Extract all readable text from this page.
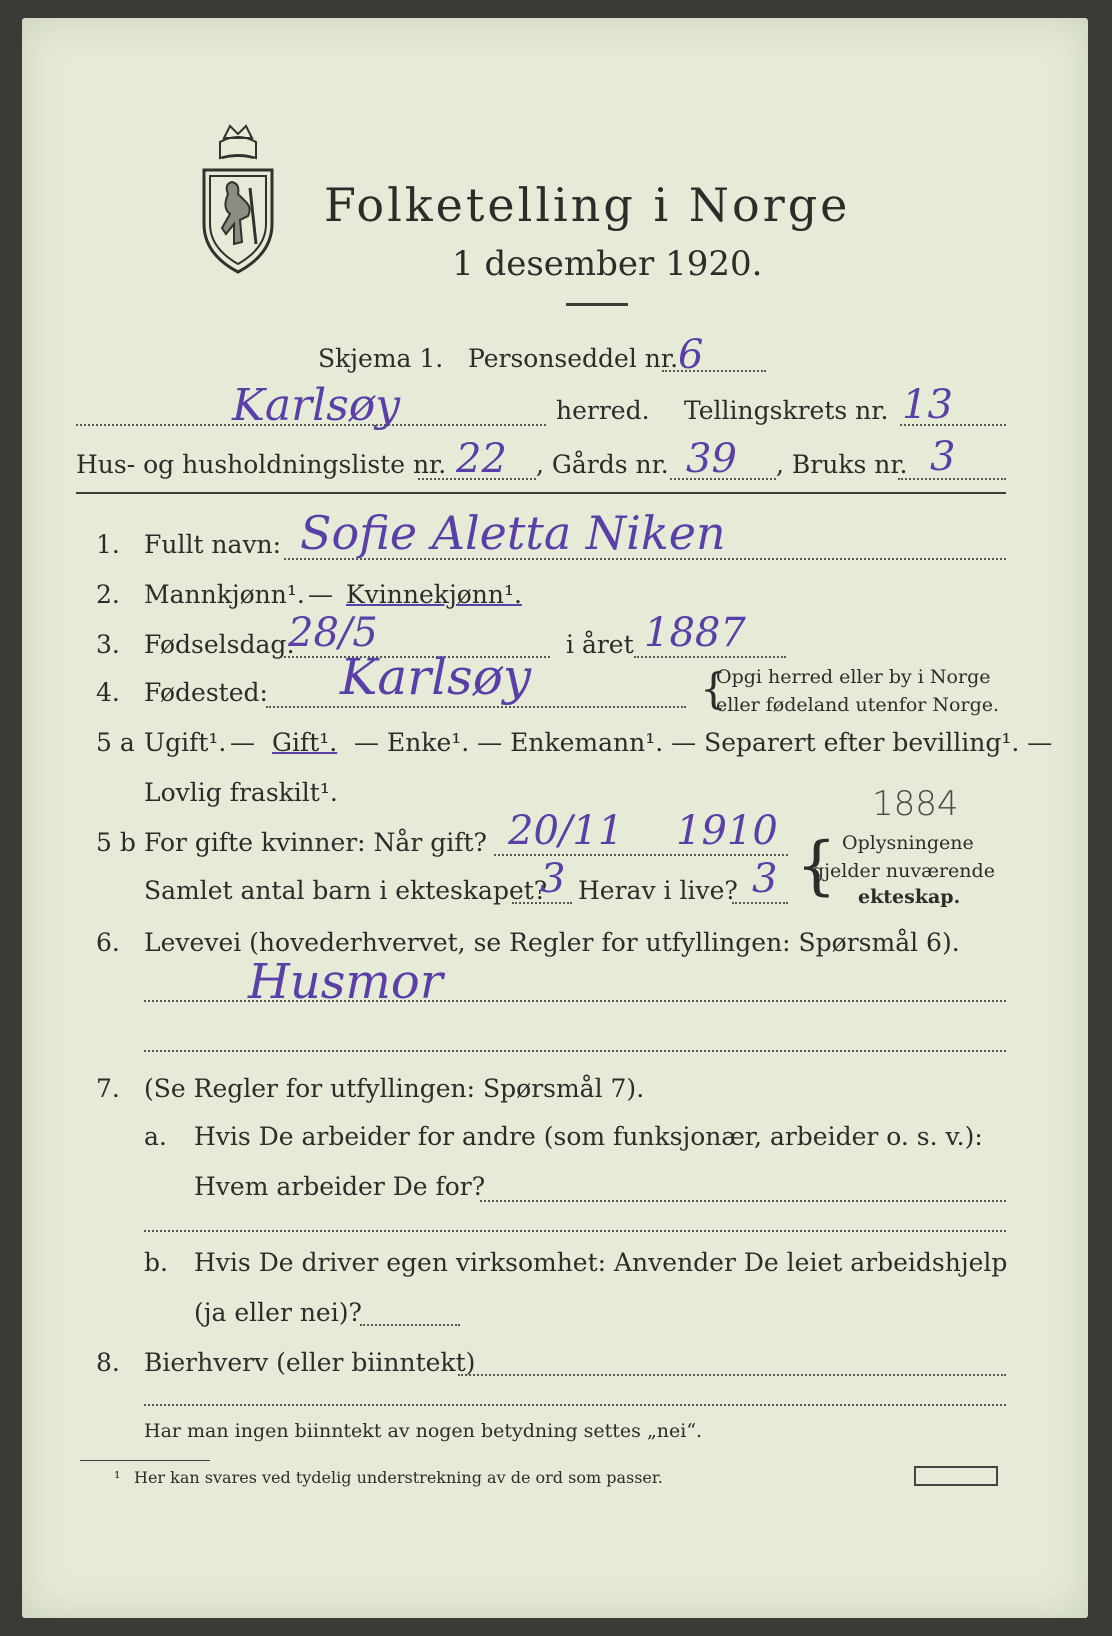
Folketelling i Norge
1 desember 1920.
Skjema 1. Personseddel nr. 6
Karlsøy	herred. Tellingskrets nr. 13
Hus- og husholdningsliste nr. 22 , Gårds nr. 39 , Bruks nr. 3
1. Fullt navn: Sofie Aletta Niken
2. Mannkjønn¹. — Kvinnekjønn¹.
3. Fødselsdag:
28/5	i året 1887
4. Fødested: Karlsøy	{
Opgi herred eller by i Norge
eller fødeland utenfor Norge.
5 a Ugift¹. — Gift¹. — Enke¹. — Enkemann¹. — Separert efter bevilling¹. —
Lovlig fraskilt¹.
5 b For gifte kvinner: Når gift? 20/11 1910
1884
Samlet antal barn i ekteskapet?
3 Herav i live? 3 { Oplysningene
gjelder nuværende
ekteskap.
6. Levevei (hovederhvervet, se Regler for utfyllingen: Spørsmål 6).
Husmor
7. (Se Regler for utfyllingen: Spørsmål 7).
a. Hvis De arbeider for andre (som funksjonær, arbeider o. s. v.):
Hvem arbeider De for?
b. Hvis De driver egen virksomhet: Anvender De leiet arbeidshjelp
(ja eller nei)?
8. Bierhverv (eller biinntekt)
Har man ingen biinntekt av nogen betydning settes „nei“.
¹ Her kan svares ved tydelig understrekning av de ord som passer.
